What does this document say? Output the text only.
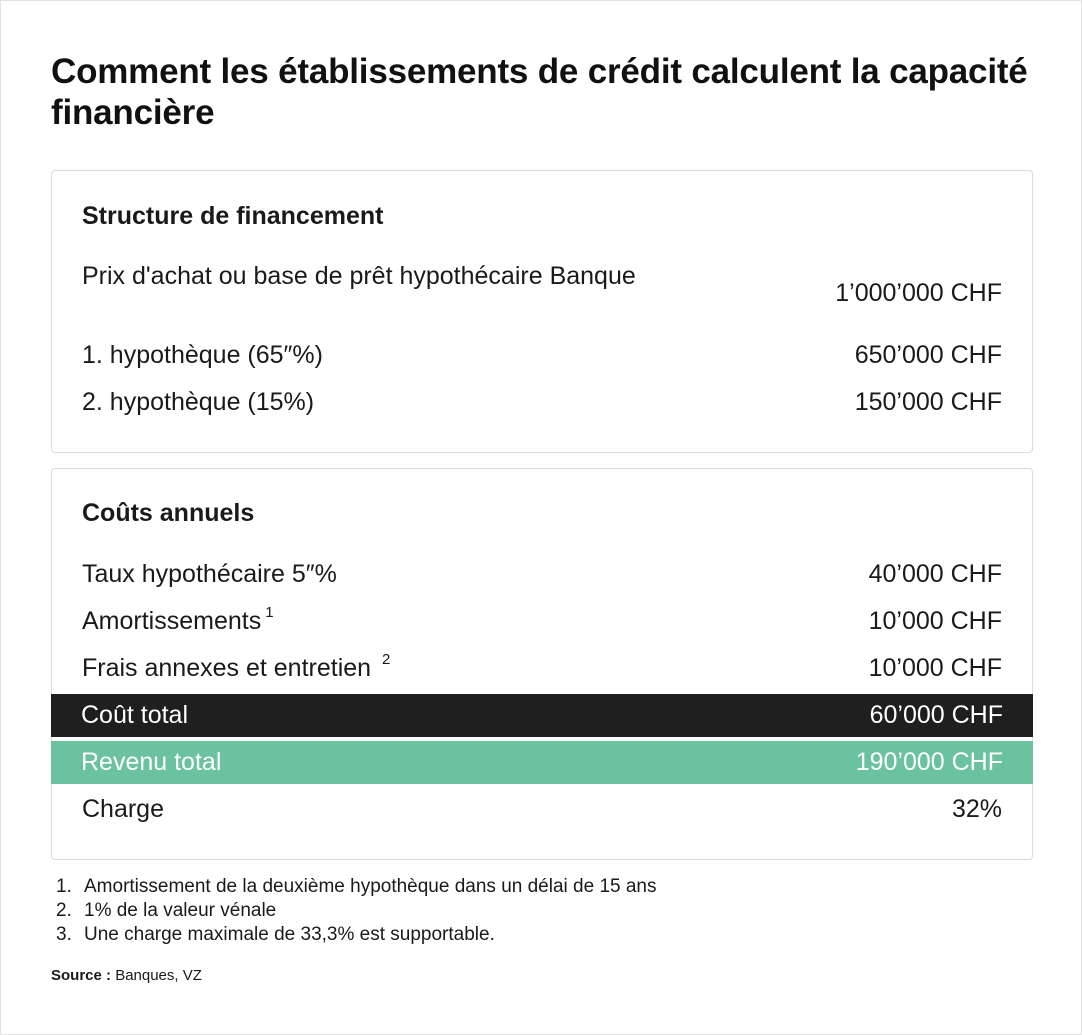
Comment les établissements de crédit calculent la capacité financière
Structure de financement
Prix d'achat ou base de prêt hypothécaire Banque
1’000’000 CHF
1. hypothèque (65″%)	650’000 CHF
2. hypothèque (15%)	150’000 CHF
Coûts annuels
Taux hypothécaire 5″%	40’000 CHF
Amortissements $^1$	10’000 CHF
Frais annexes et entretien $^2$	10’000 CHF
Coût total	60’000 CHF
Revenu total	190’000 CHF
Charge	32%
1. Amortissement de la deuxième hypothèque dans un délai de 15 ans
2. 1% de la valeur vénale
3. Une charge maximale de 33,3% est supportable.

Source : Banques, VZ
